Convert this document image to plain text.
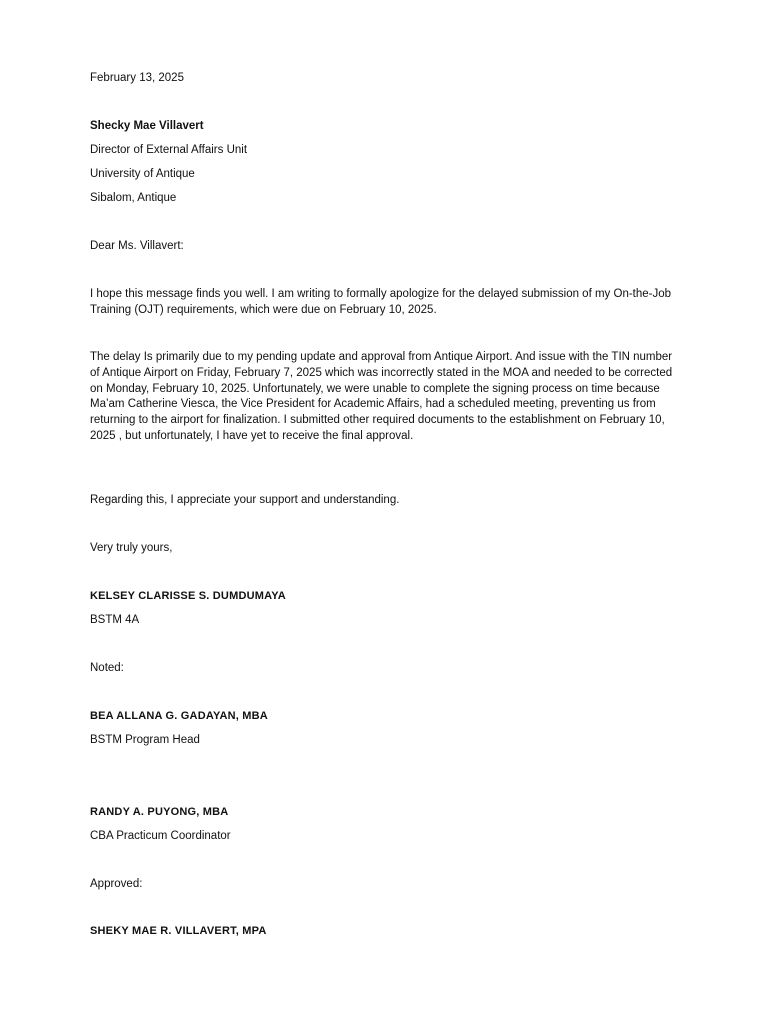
February 13, 2025

Shecky Mae Villavert

Director of External Affairs Unit

University of Antique

Sibalom, Antique

Dear Ms. Villavert:

I hope this message finds you well. I am writing to formally apologize for the delayed submission of my On-the-Job Training (OJT) requirements, which were due on February 10, 2025.

The delay Is primarily due to my pending update and approval from Antique Airport. And issue with the TIN number of Antique Airport on Friday, February 7, 2025 which was incorrectly stated in the MOA and needed to be corrected on Monday, February 10, 2025. Unfortunately, we were unable to complete the signing process on time because Ma’am Catherine Viesca, the Vice President for Academic Affairs, had a scheduled meeting, preventing us from returning to the airport for finalization. I submitted other required documents to the establishment on February 10, 2025 , but unfortunately, I have yet to receive the final approval.

Regarding this, I appreciate your support and understanding.

Very truly yours,

KELSEY CLARISSE S. DUMDUMAYA

BSTM 4A

Noted:

BEA ALLANA G. GADAYAN, MBA

BSTM Program Head

RANDY A. PUYONG, MBA

CBA Practicum Coordinator

Approved:

SHEKY MAE R. VILLAVERT, MPA
